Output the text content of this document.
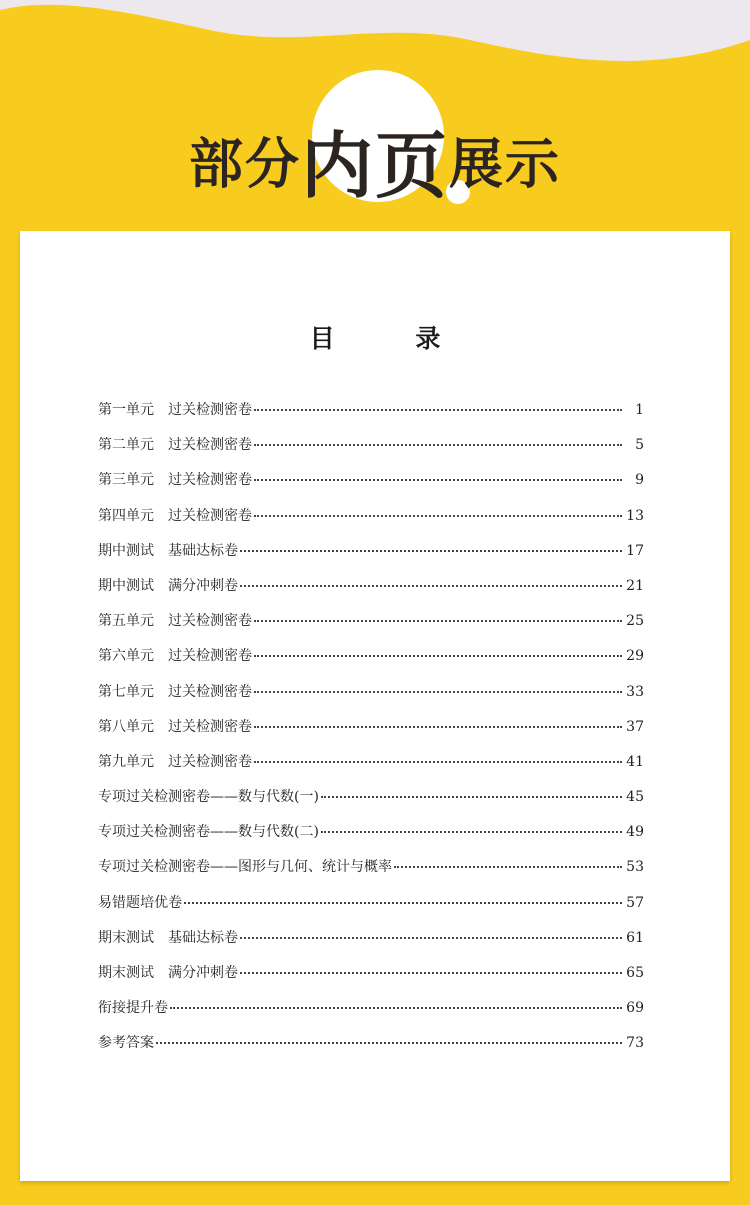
部分内页展示
目 录
第一单元　过关检测密卷	1
第二单元　过关检测密卷	5
第三单元　过关检测密卷	9
第四单元　过关检测密卷	13
期中测试　基础达标卷	17
期中测试　满分冲刺卷	21
第五单元　过关检测密卷	25
第六单元　过关检测密卷	29
第七单元　过关检测密卷	33
第八单元　过关检测密卷	37
第九单元　过关检测密卷	41
专项过关检测密卷——数与代数(一)	45
专项过关检测密卷——数与代数(二)	49
专项过关检测密卷——图形与几何、统计与概率	53
易错题培优卷	57
期末测试　基础达标卷	61
期末测试　满分冲刺卷	65
衔接提升卷	69
参考答案	73
